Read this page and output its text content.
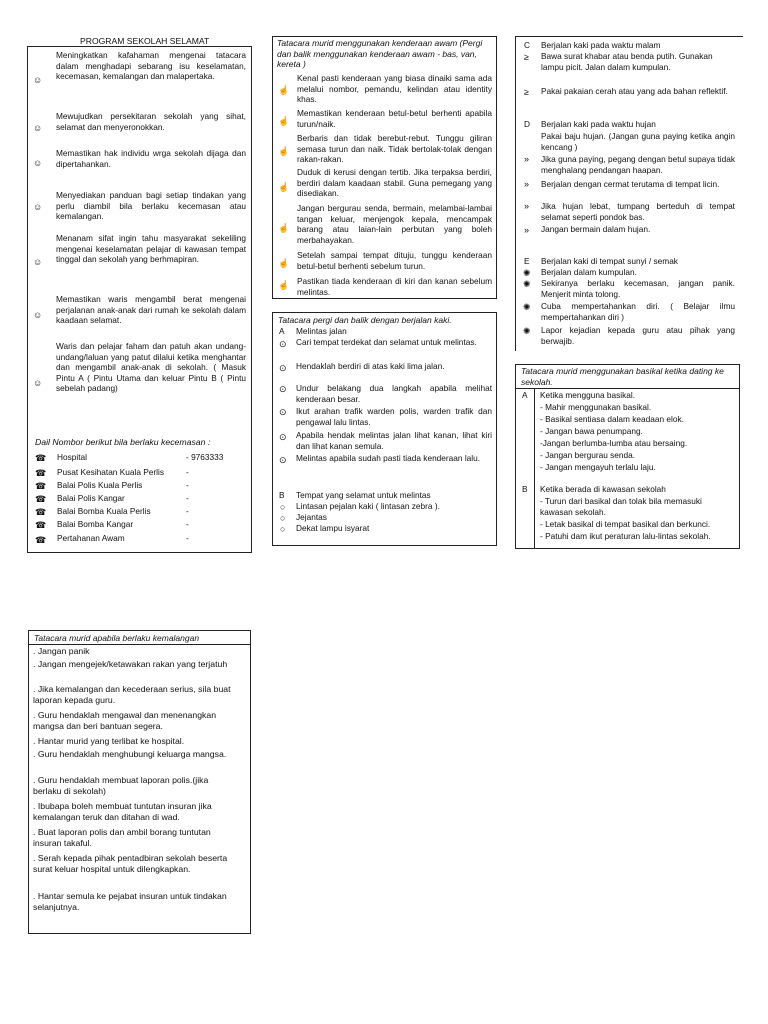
PROGRAM SEKOLAH SELAMAT
☺
Meningkatkan kafahaman mengenai tatacara dalam menghadapi sebarang isu keselamatan, kecemasan, kemalangan dan malapertaka.
☺
Mewujudkan persekitaran sekolah yang sihat, selamat dan menyeronokkan.
☺
Memastikan hak individu wrga sekolah dijaga dan dipertahankan.
☺
Menyediakan panduan bagi setiap tindakan yang perlu diambil bila berlaku kecemasan atau kemalangan.
☺
Menanam sifat ingin tahu masyarakat sekeliling mengenai keselamatan pelajar di kawasan tempat tinggal dan sekolah yang berhmapiran.
☺
Memastikan waris mengambil berat mengenai perjalanan anak-anak dari rumah ke sekolah dalam kaadaan selamat.
☺
Waris dan pelajar faham dan patuh akan undang-undang/laluan yang patut dilalui ketika menghantar dan mengambil anak-anak di sekolah. ( Masuk Pintu A ( Pintu Utama dan keluar Pintu B ( Pintu sebelah padang)
Dail Nombor berikut bila berlaku kecemasan :
☎ Hospital	- 9763333
☎ Pusat Kesihatan Kuala Perlis	-
☎ Balai Polis Kuala Perlis	-
☎ Balai Polis Kangar	-
☎ Balai Bomba Kuala Perlis	-
☎ Balai Bomba Kangar	-
☎ Pertahanan Awam	-
Tatacara murid menggunakan kenderaan awam (Pergi dan balik menggunakan kenderaan awam - bas, van, kereta )
☝
Kenal pasti kenderaan yang biasa dinaiki sama ada melalui nombor, pemandu, kelindan atau identity khas.
☝
Memastikan kenderaan betul-betul berhenti apabila turun/naik.
☝
Berbaris dan tidak berebut-rebut. Tunggu giliran semasa turun dan naik. Tidak bertolak-tolak dengan rakan-rakan.
☝
Duduk di kerusi dengan tertib. Jika terpaksa berdiri, berdiri dalam kaadaan stabil. Guna pemegang yang disediakan.
☝
Jangan bergurau senda, bermain, melambai-lambai tangan keluar, menjengok kepala, mencampak barang atau laian-lain perbutan yang boleh merbahayakan.
☝
Setelah sampai tempat dituju, tunggu kenderaan betul-betul berhenti sebelum turun.
☝ Pastikan tiada kenderaan di kiri dan kanan sebelum melintas.
Tatacara pergi dan balik dengan berjalan kaki.
A Melintas jalan
⊙ Cari tempat terdekat dan selamat untuk melintas.
⊙ Hendaklah berdiri di atas kaki lima jalan.
⊙ Undur belakang dua langkah apabila melihat kenderaan besar.
⊙ Ikut arahan trafik warden polis, warden trafik dan pengawal lalu lintas.
⊙ Apabila hendak melintas jalan lihat kanan, lihat kiri dan lihat kanan semula.
⊙ Melintas apabila sudah pasti tiada kenderaan lalu.
B Tempat yang selamat untuk melintas
○ Lintasan pejalan kaki ( lintasan zebra ).
○ Jejantas
○ Dekat lampu isyarat
C Berjalan kaki pada waktu malam
≥ Bawa surat khabar atau benda putih. Gunakan lampu picit. Jalan dalam kumpulan.
≥ Pakai pakaian cerah atau yang ada bahan reflektif.
D Berjalan kaki pada waktu hujan
Pakai baju hujan. (Jangan guna paying ketika angin kencang )
» Jika guna paying, pegang dengan betul supaya tidak menghalang pendangan haapan.
» Berjalan dengan cermat terutama di tempat licin.
» Jika hujan lebat, tumpang berteduh di tempat selamat seperti pondok bas.
» Jangan bermain dalam hujan.
E Berjalan kaki di tempat sunyi / semak
✺ Berjalan dalam kumpulan.
✺ Sekiranya berlaku kecemasan, jangan panik. Menjerit minta tolong.
✺ Cuba mempertahankan diri. ( Belajar ilmu mempertahankan diri )
✺ Lapor kejadian kepada guru atau pihak yang berwajib.
Tatacara murid menggunakan basikal ketika dating ke sekolah.
A Ketika mengguna basikal.
- Mahir menggunakan basikal.
- Basikal sentiasa dalam keadaan elok.
- Jangan bawa penumpang.
-Jangan berlumba-lumba atau bersaing.
- Jangan bergurau senda.
- Jangan mengayuh terlalu laju.
B Ketika berada di kawasan sekolah
- Turun dari basikal dan tolak bila memasuki kawasan sekolah.
- Letak basikal di tempat basikal dan berkunci.
- Patuhi dam ikut peraturan lalu-lintas sekolah.
Tatacara murid apabila berlaku kemalangan
. Jangan panik
. Jangan mengejek/ketawakan rakan yang terjatuh
. Jika kemalangan dan kecederaan serius, sila buat laporan kepada guru.
. Guru hendaklah mengawal dan menenangkan mangsa dan beri bantuan segera.
. Hantar murid yang terlibat ke hospital.
. Guru hendaklah menghubungi keluarga mangsa.
. Guru hendaklah membuat laporan polis.(jika berlaku di sekolah)
. Ibubapa boleh membuat tuntutan insuran jika kemalangan teruk dan ditahan di wad.
. Buat laporan polis dan ambil borang tuntutan insuran takaful.
. Serah kepada pihak pentadbiran sekolah beserta surat keluar hospital untuk dilengkapkan.
. Hantar semula ke pejabat insuran untuk tindakan selanjutnya.
